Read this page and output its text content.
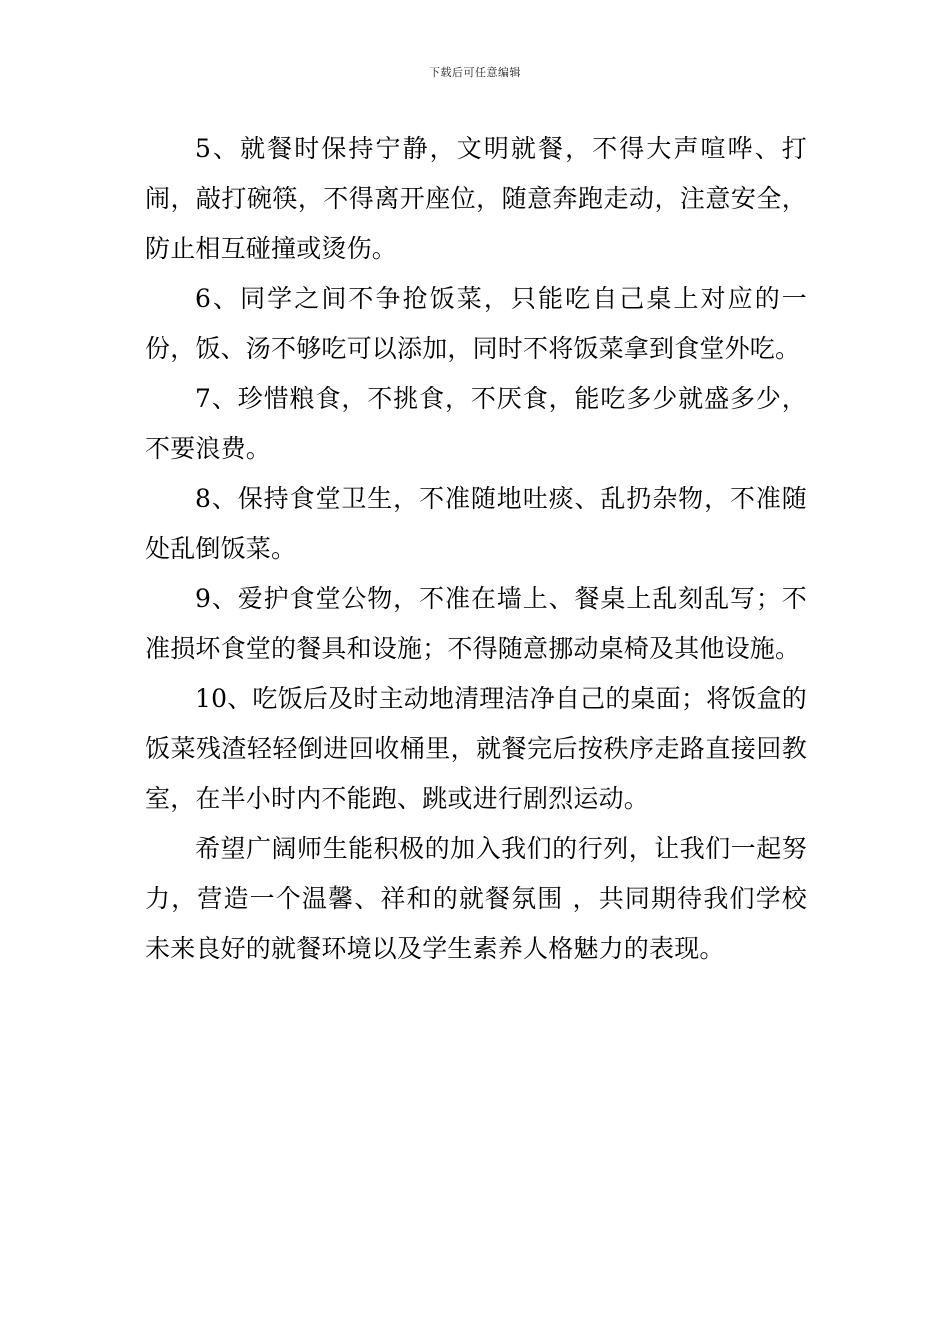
下载后可任意编辑

5、就餐时保持宁静，文明就餐，不得大声喧哗、打闹，敲打碗筷，不得离开座位，随意奔跑走动，注意安全，防止相互碰撞或烫伤。

6、同学之间不争抢饭菜，只能吃自己桌上对应的一份，饭、汤不够吃可以添加，同时不将饭菜拿到食堂外吃。

7、珍惜粮食，不挑食，不厌食，能吃多少就盛多少，不要浪费。

8、保持食堂卫生，不准随地吐痰、乱扔杂物，不准随处乱倒饭菜。

9、爱护食堂公物，不准在墙上、餐桌上乱刻乱写；不准损坏食堂的餐具和设施；不得随意挪动桌椅及其他设施。

10、吃饭后及时主动地清理洁净自己的桌面；将饭盒的饭菜残渣轻轻倒进回收桶里，就餐完后按秩序走路直接回教室，在半小时内不能跑、跳或进行剧烈运动。

希望广阔师生能积极的加入我们的行列，让我们一起努力，营造一个温馨、祥和的就餐氛围 ，共同期待我们学校未来良好的就餐环境以及学生素养人格魅力的表现。
